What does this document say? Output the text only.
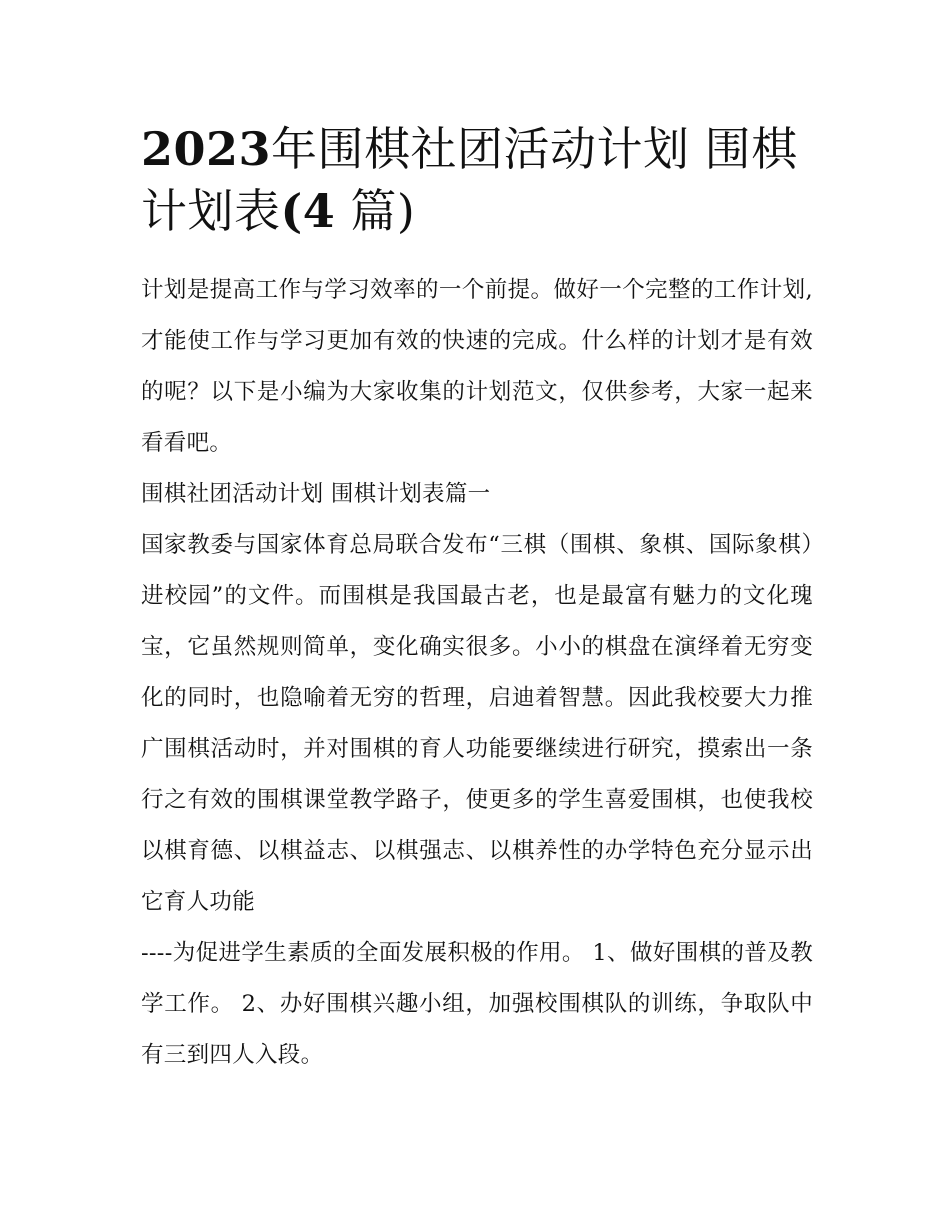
2023年围棋社团活动计划 围棋计划表(4 篇)

计划是提高工作与学习效率的一个前提。做好一个完整的工作计划,才能使工作与学习更加有效的快速的完成。什么样的计划才是有效的呢？以下是小编为大家收集的计划范文，仅供参考，大家一起来看看吧。

围棋社团活动计划 围棋计划表篇一

国家教委与国家体育总局联合发布“三棋（围棋、象棋、国际象棋）进校园”的文件。而围棋是我国最古老，也是最富有魅力的文化瑰宝，它虽然规则简单，变化确实很多。小小的棋盘在演绎着无穷变化的同时，也隐喻着无穷的哲理，启迪着智慧。因此我校要大力推广围棋活动时，并对围棋的育人功能要继续进行研究，摸索出一条行之有效的围棋课堂教学路子，使更多的学生喜爱围棋，也使我校以棋育德、以棋益志、以棋强志、以棋养性的办学特色充分显示出它育人功能

----为促进学生素质的全面发展积极的作用。 1、做好围棋的普及教学工作。 2、办好围棋兴趣小组，加强校围棋队的训练，争取队中有三到四人入段。
